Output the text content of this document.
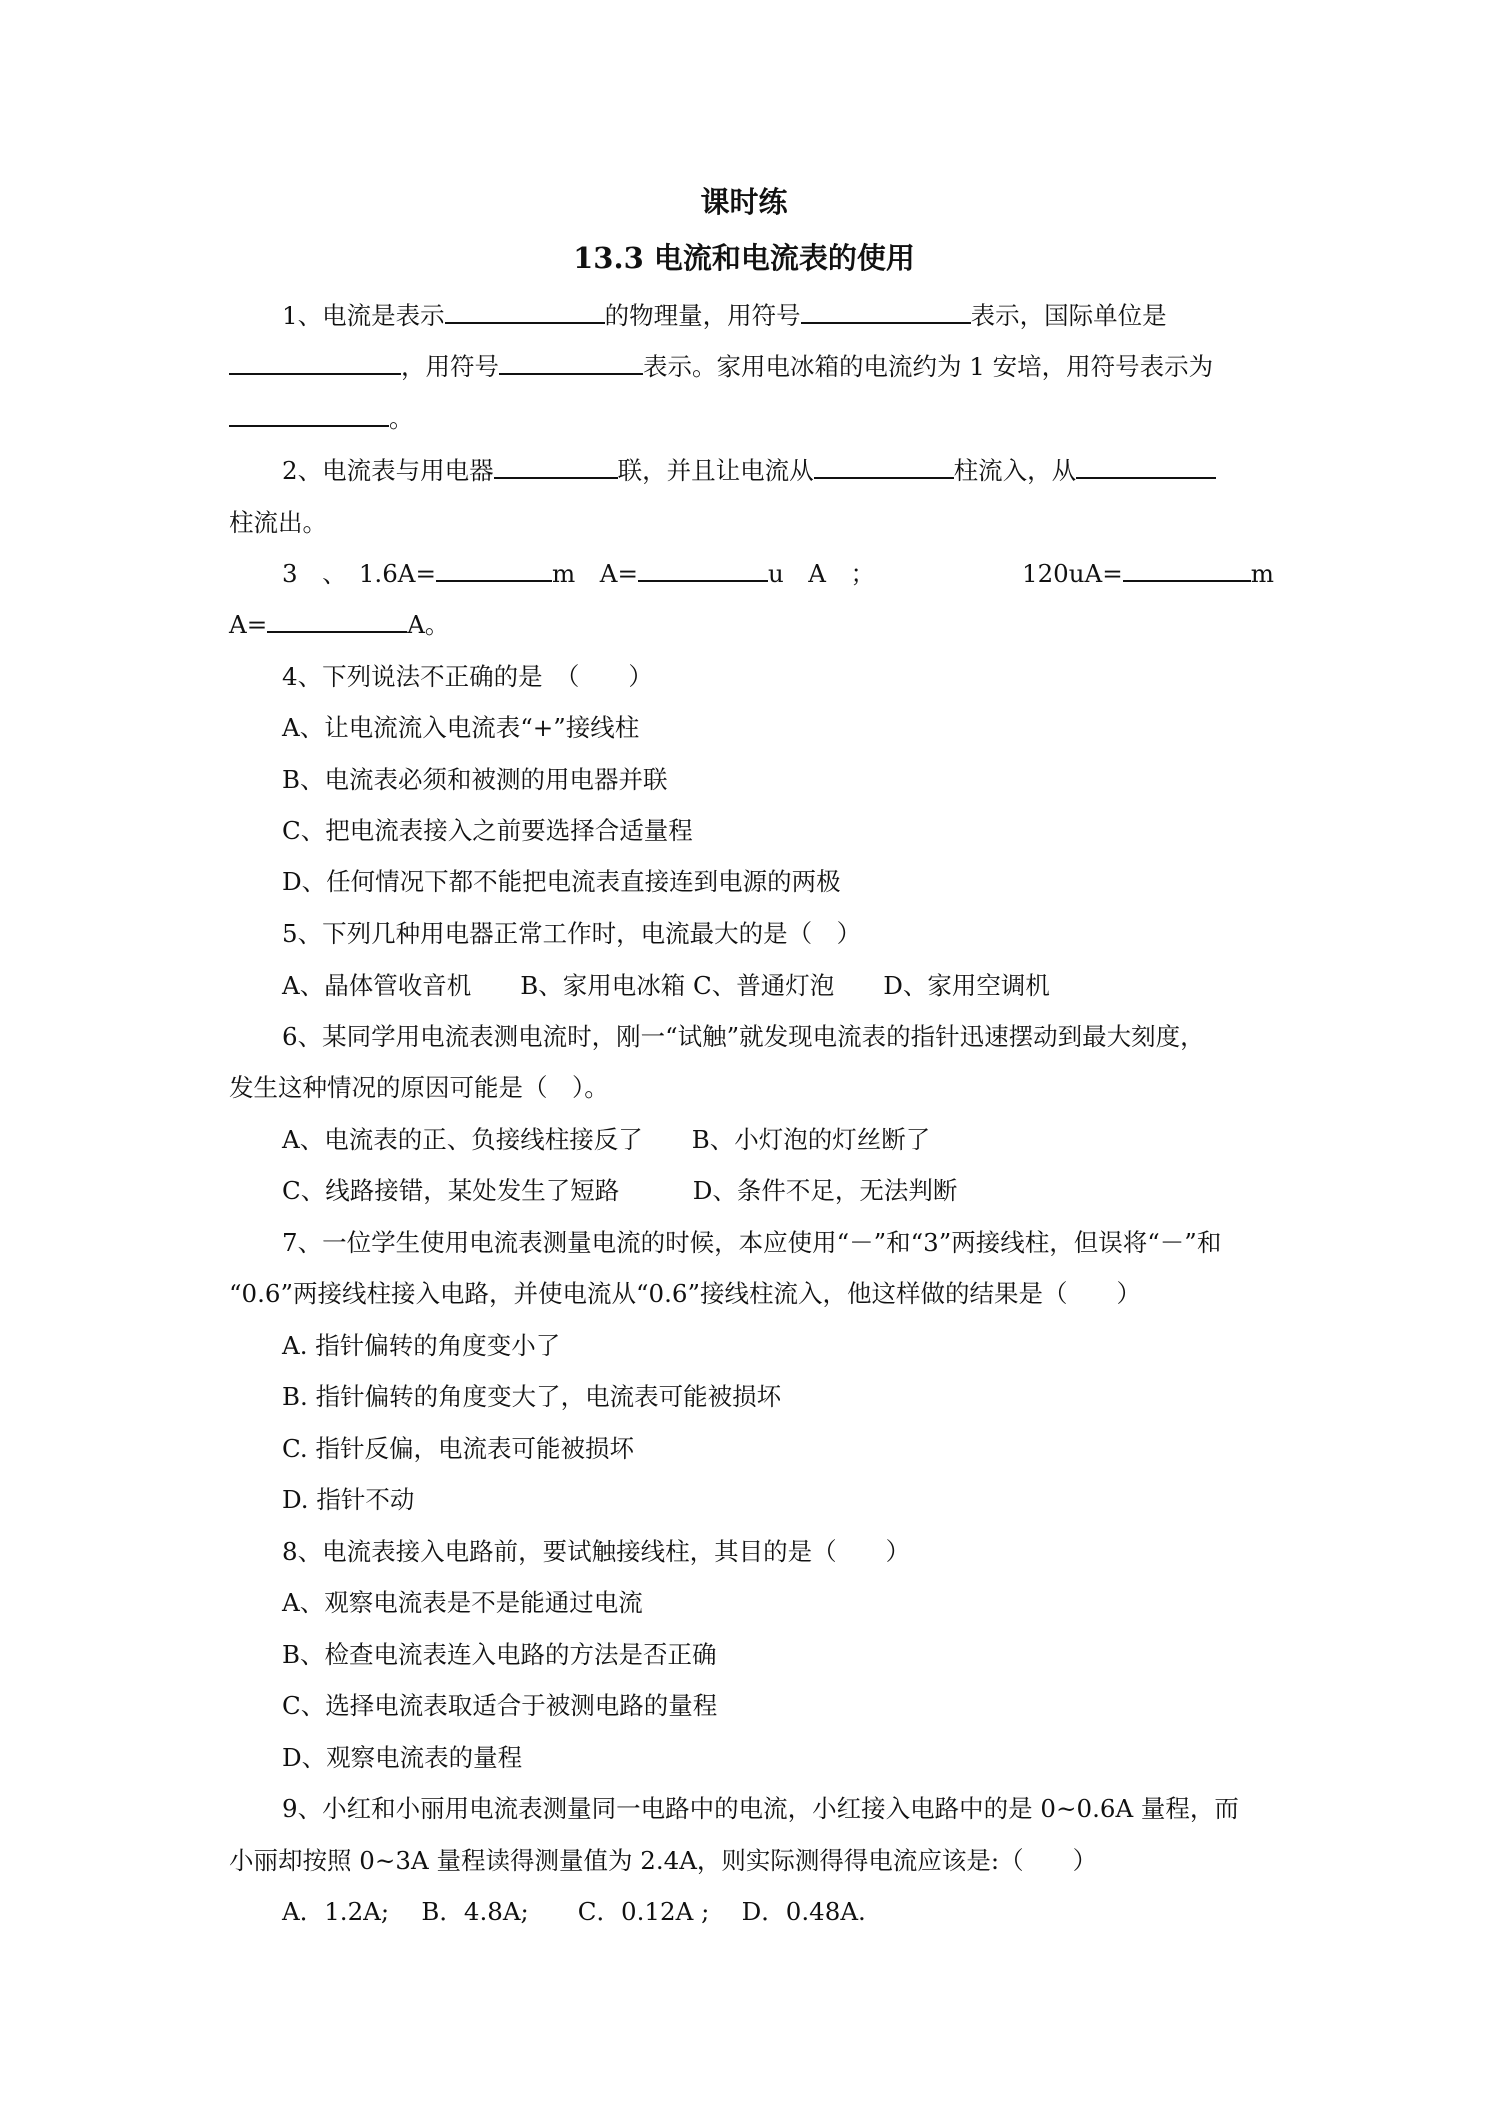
课时练
13.3 电流和电流表的使用
1、电流是表示	的物理量，用符号	表示，国际单位是
，用符号	表示。家用电冰箱的电流约为 1 安培，用符号表示为
。
2、电流表与用电器	联，并且让电流从	柱流入，从
柱流出。
3　、　1.6A=	m　A=	u　A　；	120uA=	m
A=	A。
4、下列说法不正确的是　（　　）
A、让电流流入电流表“+”接线柱
B、电流表必须和被测的用电器并联
C、把电流表接入之前要选择合适量程
D、任何情况下都不能把电流表直接连到电源的两极
5、下列几种用电器正常工作时，电流最大的是（　）
A、晶体管收音机　　B、家用电冰箱 C、普通灯泡　　D、家用空调机
6、某同学用电流表测电流时，刚一“试触”就发现电流表的指针迅速摆动到最大刻度，
发生这种情况的原因可能是（　）。
A、电流表的正、负接线柱接反了　　B、小灯泡的灯丝断了
C、线路接错，某处发生了短路　　　D、条件不足，无法判断
7、一位学生使用电流表测量电流的时候，本应使用“－”和“3”两接线柱，但误将“－”和
“0.6”两接线柱接入电路，并使电流从“0.6”接线柱流入，他这样做的结果是（　　）
A. 指针偏转的角度变小了
B. 指针偏转的角度变大了，电流表可能被损坏
C. 指针反偏，电流表可能被损坏
D. 指针不动
8、电流表接入电路前，要试触接线柱，其目的是（　　）
A、观察电流表是不是能通过电流
B、检查电流表连入电路的方法是否正确
C、选择电流表取适合于被测电路的量程
D、观察电流表的量程
9、小红和小丽用电流表测量同一电路中的电流，小红接入电路中的是 0~0.6A 量程，而
小丽却按照 0~3A 量程读得测量值为 2.4A，则实际测得得电流应该是:（　　）
A．1.2A;　 B．4.8A;　　C．0.12A ;　 D．0.48A.
